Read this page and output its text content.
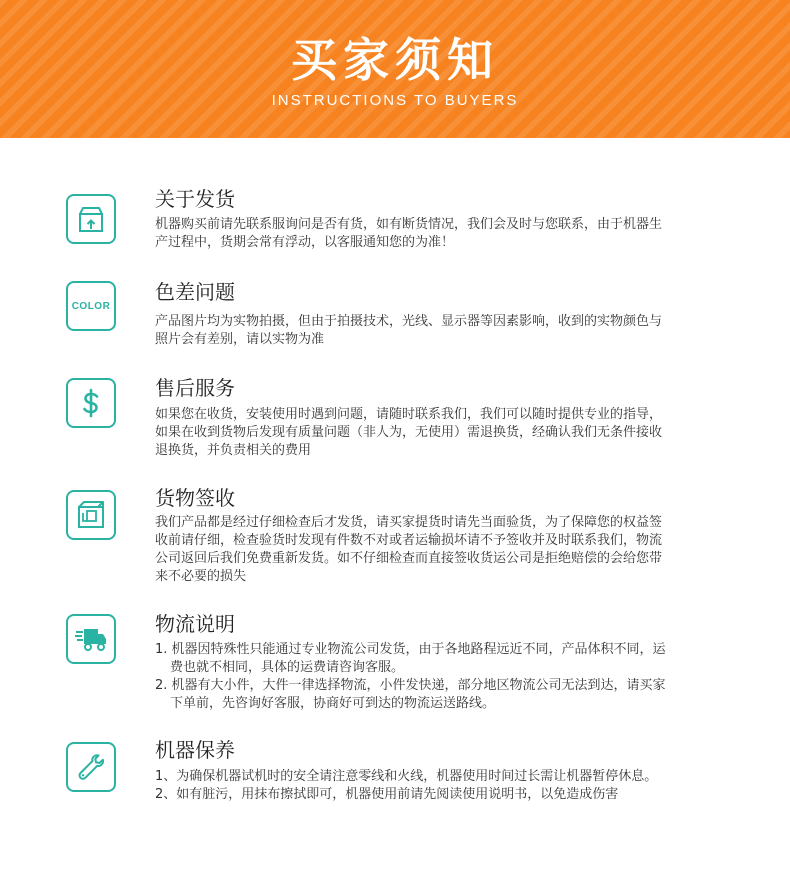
买家须知
INSTRUCTIONS TO BUYERS
关于发货
机器购买前请先联系服询问是否有货，如有断货情况，我们会及时与您联系，由于机器生
产过程中，货期会常有浮动，以客服通知您的为准！
COLOR
色差问题
产品图片均为实物拍摄，但由于拍摄技术，光线、显示器等因素影响，收到的实物颜色与
照片会有差别，请以实物为准
售后服务
如果您在收货，安装使用时遇到问题，请随时联系我们，我们可以随时提供专业的指导，
如果在收到货物后发现有质量问题（非人为，无使用）需退换货，经确认我们无条件接收
退换货，并负责相关的费用
货物签收
我们产品都是经过仔细检查后才发货，请买家提货时请先当面验货，为了保障您的权益签
收前请仔细，检查验货时发现有件数不对或者运输损坏请不予签收并及时联系我们，物流
公司返回后我们免费重新发货。如不仔细检查而直接签收货运公司是拒绝赔偿的会给您带
来不必要的损失
物流说明
1. 机器因特殊性只能通过专业物流公司发货，由于各地路程远近不同，产品体积不同，运
费也就不相同，具体的运费请咨询客服。
2. 机器有大小件，大件一律选择物流，小件发快递，部分地区物流公司无法到达，请买家
下单前，先咨询好客服，协商好可到达的物流运送路线。
机器保养
1、为确保机器试机时的安全请注意零线和火线，机器使用时间过长需让机器暂停休息。
2、如有脏污，用抹布擦拭即可，机器使用前请先阅读使用说明书，以免造成伤害
